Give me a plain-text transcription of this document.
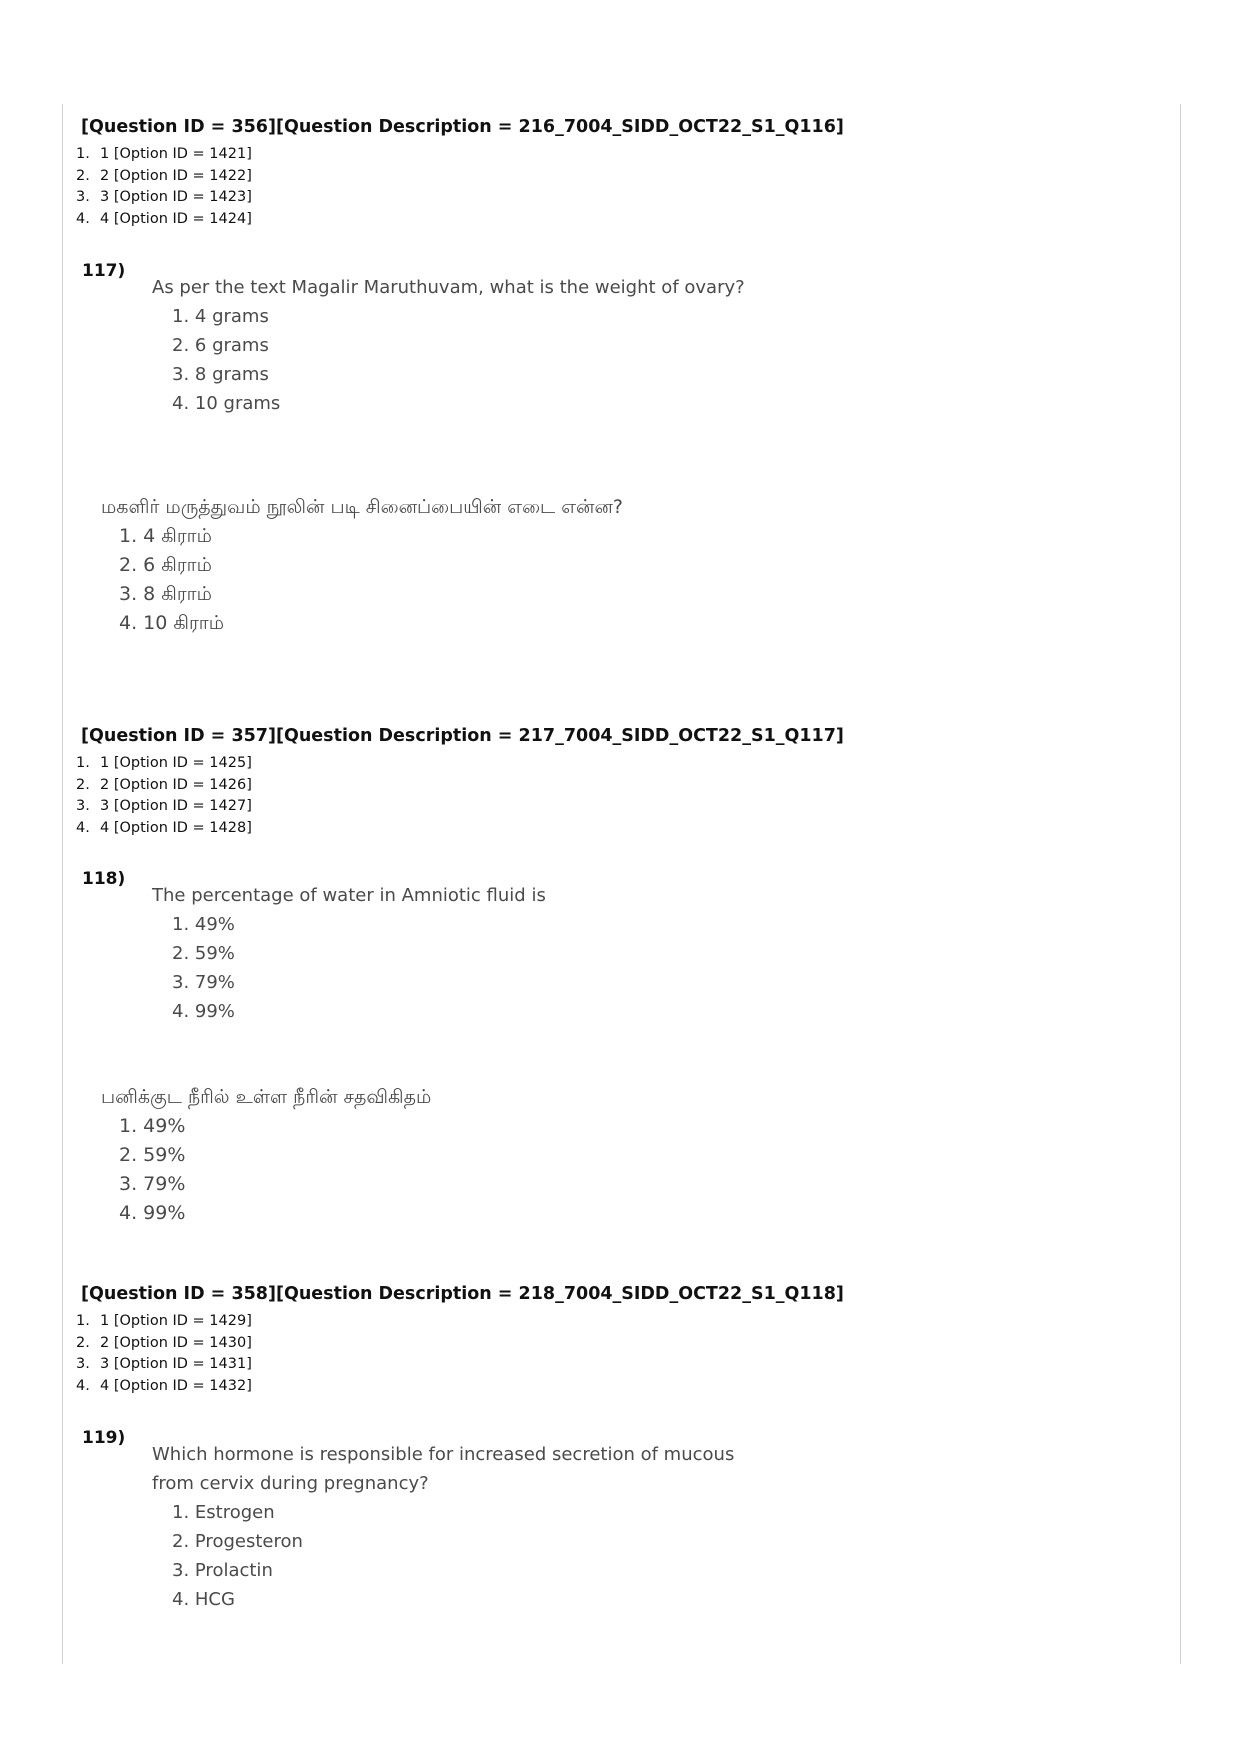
[Question ID = 356][Question Description = 216_7004_SIDD_OCT22_S1_Q116]
1. 1 [Option ID = 1421]
2. 2 [Option ID = 1422]
3. 3 [Option ID = 1423]
4. 4 [Option ID = 1424]
117)
As per the text Magalir Maruthuvam, what is the weight of ovary?
1. 4 grams
2. 6 grams
3. 8 grams
4. 10 grams
மகளிர் மருத்துவம் நூலின் படி சினைப்பையின் எடை என்ன?
1. 4 கிராம்
2. 6 கிராம்
3. 8 கிராம்
4. 10 கிராம்
[Question ID = 357][Question Description = 217_7004_SIDD_OCT22_S1_Q117]
1. 1 [Option ID = 1425]
2. 2 [Option ID = 1426]
3. 3 [Option ID = 1427]
4. 4 [Option ID = 1428]
118)
The percentage of water in Amniotic fluid is
1. 49%
2. 59%
3. 79%
4. 99%
பனிக்குட நீரில் உள்ள நீரின் சதவிகிதம்
1. 49%
2. 59%
3. 79%
4. 99%
[Question ID = 358][Question Description = 218_7004_SIDD_OCT22_S1_Q118]
1. 1 [Option ID = 1429]
2. 2 [Option ID = 1430]
3. 3 [Option ID = 1431]
4. 4 [Option ID = 1432]
119)
Which hormone is responsible for increased secretion of mucous from cervix during pregnancy?
1. Estrogen
2. Progesteron
3. Prolactin
4. HCG
